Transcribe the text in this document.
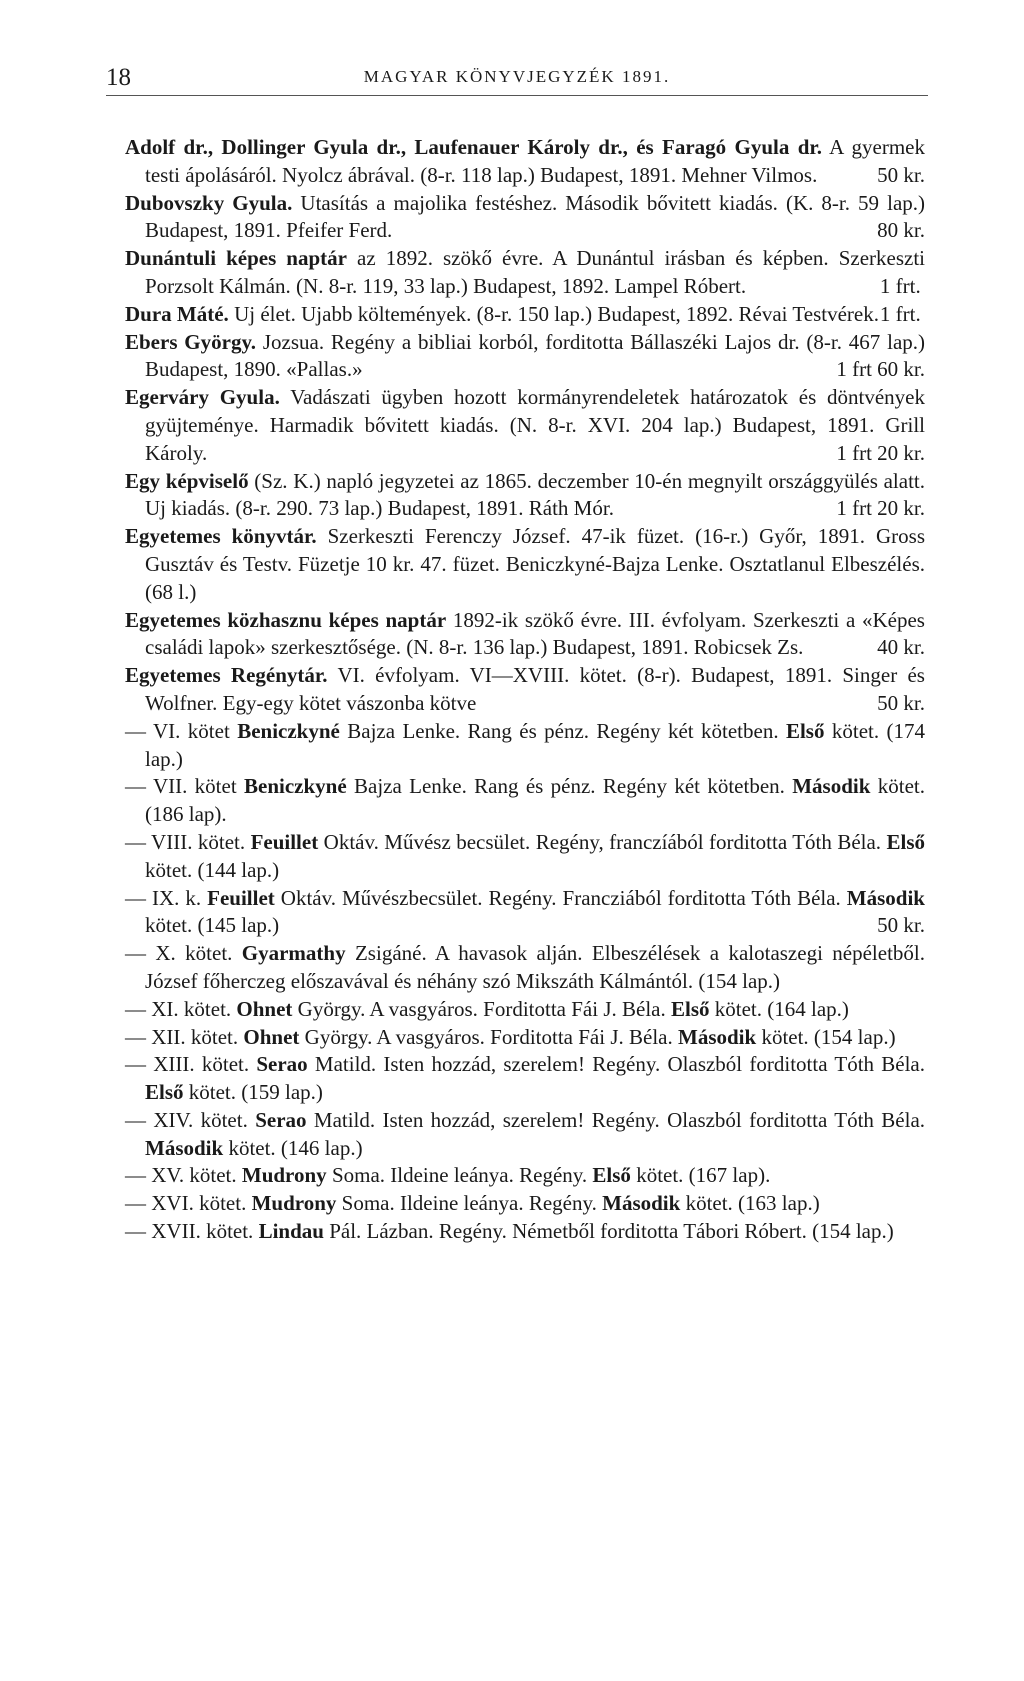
18	MAGYAR KÖNYVJEGYZÉK 1891.

Adolf dr., Dollinger Gyula dr., Laufenauer Károly dr., és Faragó Gyula dr. A gyermek testi ápolásáról. Nyolcz ábrával. (8-r. 118 lap.) Budapest, 1891. Mehner Vilmos.	50 kr.

Dubovszky Gyula. Utasítás a majolika festéshez. Második bővitett kiadás. (K. 8-r. 59 lap.) Budapest, 1891. Pfeifer Ferd.	80 kr.

Dunántuli képes naptár az 1892. szökő évre. A Dunántul irásban és képben. Szerkeszti Porzsolt Kálmán. (N. 8-r. 119, 33 lap.) Budapest, 1892. Lampel Róbert.	1 frt.

Dura Máté. Uj élet. Ujabb költemények. (8-r. 150 lap.) Budapest, 1892. Révai Testvérek. 1 frt.

Ebers György. Jozsua. Regény a bibliai korból, forditotta Bállaszéki Lajos dr. (8-r. 467 lap.) Budapest, 1890. «Pallas.»	1 frt 60 kr.

Egerváry Gyula. Vadászati ügyben hozott kormányrendeletek határozatok és döntvények gyüjteménye. Harmadik bővitett kiadás. (N. 8-r. XVI. 204 lap.) Budapest, 1891. Grill Károly.	1 frt 20 kr.

Egy képviselő (Sz. K.) napló jegyzetei az 1865. deczember 10-én megnyilt országgyülés alatt. Uj kiadás. (8-r. 290. 73 lap.) Budapest, 1891. Ráth Mór.	1 frt 20 kr.

Egyetemes könyvtár. Szerkeszti Ferenczy József. 47-ik füzet. (16-r.) Győr, 1891. Gross Gusztáv és Testv. Füzetje 10 kr. 47. füzet. Beniczkyné-Bajza Lenke. Osztatlanul Elbeszélés. (68 l.)

Egyetemes közhasznu képes naptár 1892-ik szökő évre. III. évfolyam. Szerkeszti a «Képes családi lapok» szerkesztősége. (N. 8-r. 136 lap.) Budapest, 1891. Robicsek Zs.	40 kr.

Egyetemes Regénytár. VI. évfolyam. VI—XVIII. kötet. (8-r). Budapest, 1891. Singer és Wolfner. Egy-egy kötet vászonba kötve	50 kr.

— VI. kötet Beniczkyné Bajza Lenke. Rang és pénz. Regény két kötetben. Első kötet. (174 lap.)

— VII. kötet Beniczkyné Bajza Lenke. Rang és pénz. Regény két kötetben. Második kötet. (186 lap).

— VIII. kötet. Feuillet Oktáv. Művész becsület. Regény, franczíából forditotta Tóth Béla. Első kötet. (144 lap.)

— IX. k. Feuillet Oktáv. Művészbecsület. Regény. Francziából forditotta Tóth Béla. Második kötet. (145 lap.)	50 kr.

— X. kötet. Gyarmathy Zsigáné. A havasok alján. Elbeszélések a kalotaszegi népéletből. József főherczeg előszavával és néhány szó Mikszáth Kálmántól. (154 lap.)

— XI. kötet. Ohnet György. A vasgyáros. Forditotta Fái J. Béla. Első kötet. (164 lap.)

— XII. kötet. Ohnet György. A vasgyáros. Forditotta Fái J. Béla. Második kötet. (154 lap.)

— XIII. kötet. Serao Matild. Isten hozzád, szerelem! Regény. Olaszból forditotta Tóth Béla. Első kötet. (159 lap.)

— XIV. kötet. Serao Matild. Isten hozzád, szerelem! Regény. Olaszból forditotta Tóth Béla. Második kötet. (146 lap.)

— XV. kötet. Mudrony Soma. Ildeine leánya. Regény. Első kötet. (167 lap).

— XVI. kötet. Mudrony Soma. Ildeine leánya. Regény. Második kötet. (163 lap.)

— XVII. kötet. Lindau Pál. Lázban. Regény. Németből forditotta Tábori Róbert. (154 lap.)
